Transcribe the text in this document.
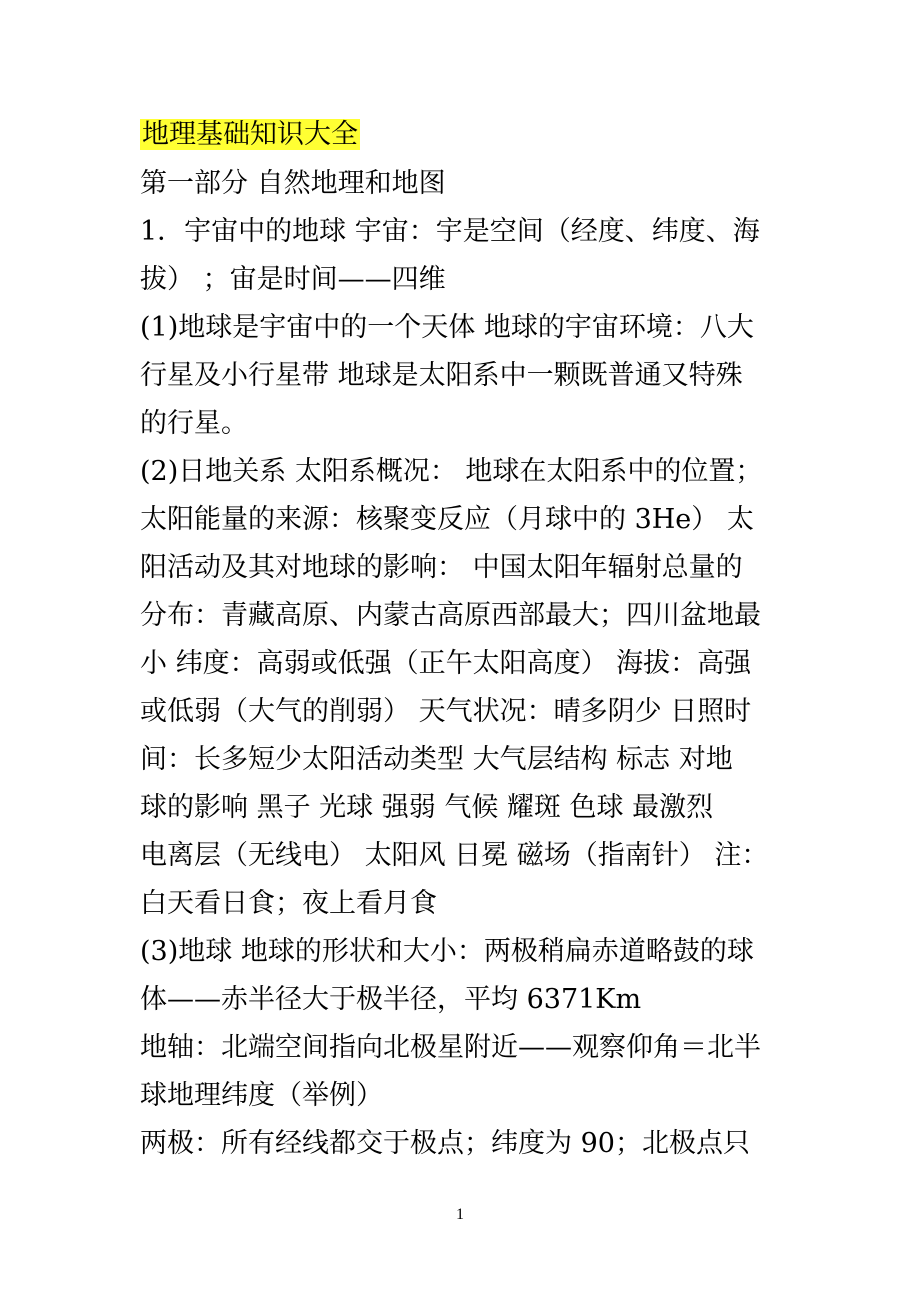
地理基础知识大全

第一部分 自然地理和地图

1．宇宙中的地球 宇宙：宇是空间（经度、纬度、海

拔） ；宙是时间——四维

(1)地球是宇宙中的一个天体 地球的宇宙环境：八大

行星及小行星带 地球是太阳系中一颗既普通又特殊

的行星。

(2)日地关系 太阳系概况： 地球在太阳系中的位置；

太阳能量的来源：核聚变反应（月球中的 3He） 太

阳活动及其对地球的影响： 中国太阳年辐射总量的

分布：青藏高原、内蒙古高原西部最大；四川盆地最

小 纬度：高弱或低强（正午太阳高度） 海拔：高强

或低弱（大气的削弱） 天气状况：晴多阴少 日照时

间：长多短少太阳活动类型 大气层结构 标志 对地

球的影响 黑子 光球 强弱 气候 耀斑 色球 最激烈

电离层（无线电） 太阳风 日冕 磁场（指南针） 注：

白天看日食；夜上看月食

(3)地球 地球的形状和大小：两极稍扁赤道略鼓的球

体——赤半径大于极半径，平均 6371Km

地轴：北端空间指向北极星附近——观察仰角＝北半

球地理纬度（举例）

两极：所有经线都交于极点；纬度为 90；北极点只

1
